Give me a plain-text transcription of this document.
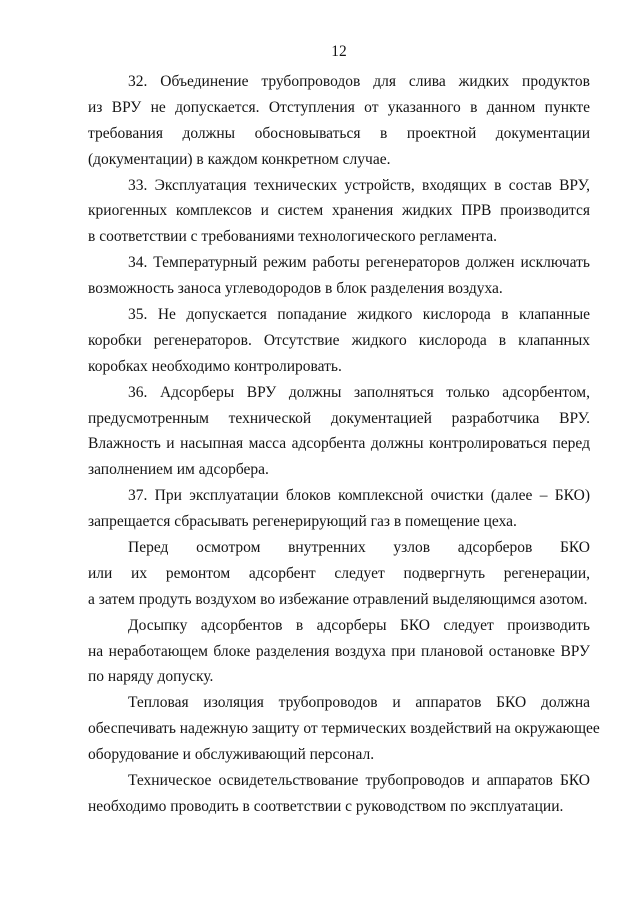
12
32. Объединение трубопроводов для слива жидких продуктов
из ВРУ не допускается. Отступления от указанного в данном пункте
требования должны обосновываться в проектной документации
(документации) в каждом конкретном случае.
33. Эксплуатация технических устройств, входящих в состав ВРУ,
криогенных комплексов и систем хранения жидких ПРВ производится
в соответствии с требованиями технологического регламента.
34. Температурный режим работы регенераторов должен исключать
возможность заноса углеводородов в блок разделения воздуха.
35. Не допускается попадание жидкого кислорода в клапанные
коробки регенераторов. Отсутствие жидкого кислорода в клапанных
коробках необходимо контролировать.
36. Адсорберы ВРУ должны заполняться только адсорбентом,
предусмотренным технической документацией разработчика ВРУ.
Влажность и насыпная масса адсорбента должны контролироваться перед
заполнением им адсорбера.
37. При эксплуатации блоков комплексной очистки (далее – БКО)
запрещается сбрасывать регенерирующий газ в помещение цеха.
Перед осмотром внутренних узлов адсорберов БКО
или их ремонтом адсорбент следует подвергнуть регенерации,
а затем продуть воздухом во избежание отравлений выделяющимся азотом.
Досыпку адсорбентов в адсорберы БКО следует производить
на неработающем блоке разделения воздуха при плановой остановке ВРУ
по наряду допуску.
Тепловая изоляция трубопроводов и аппаратов БКО должна
обеспечивать надежную защиту от термических воздействий на окружающее
оборудование и обслуживающий персонал.
Техническое освидетельствование трубопроводов и аппаратов БКО
необходимо проводить в соответствии с руководством по эксплуатации.
